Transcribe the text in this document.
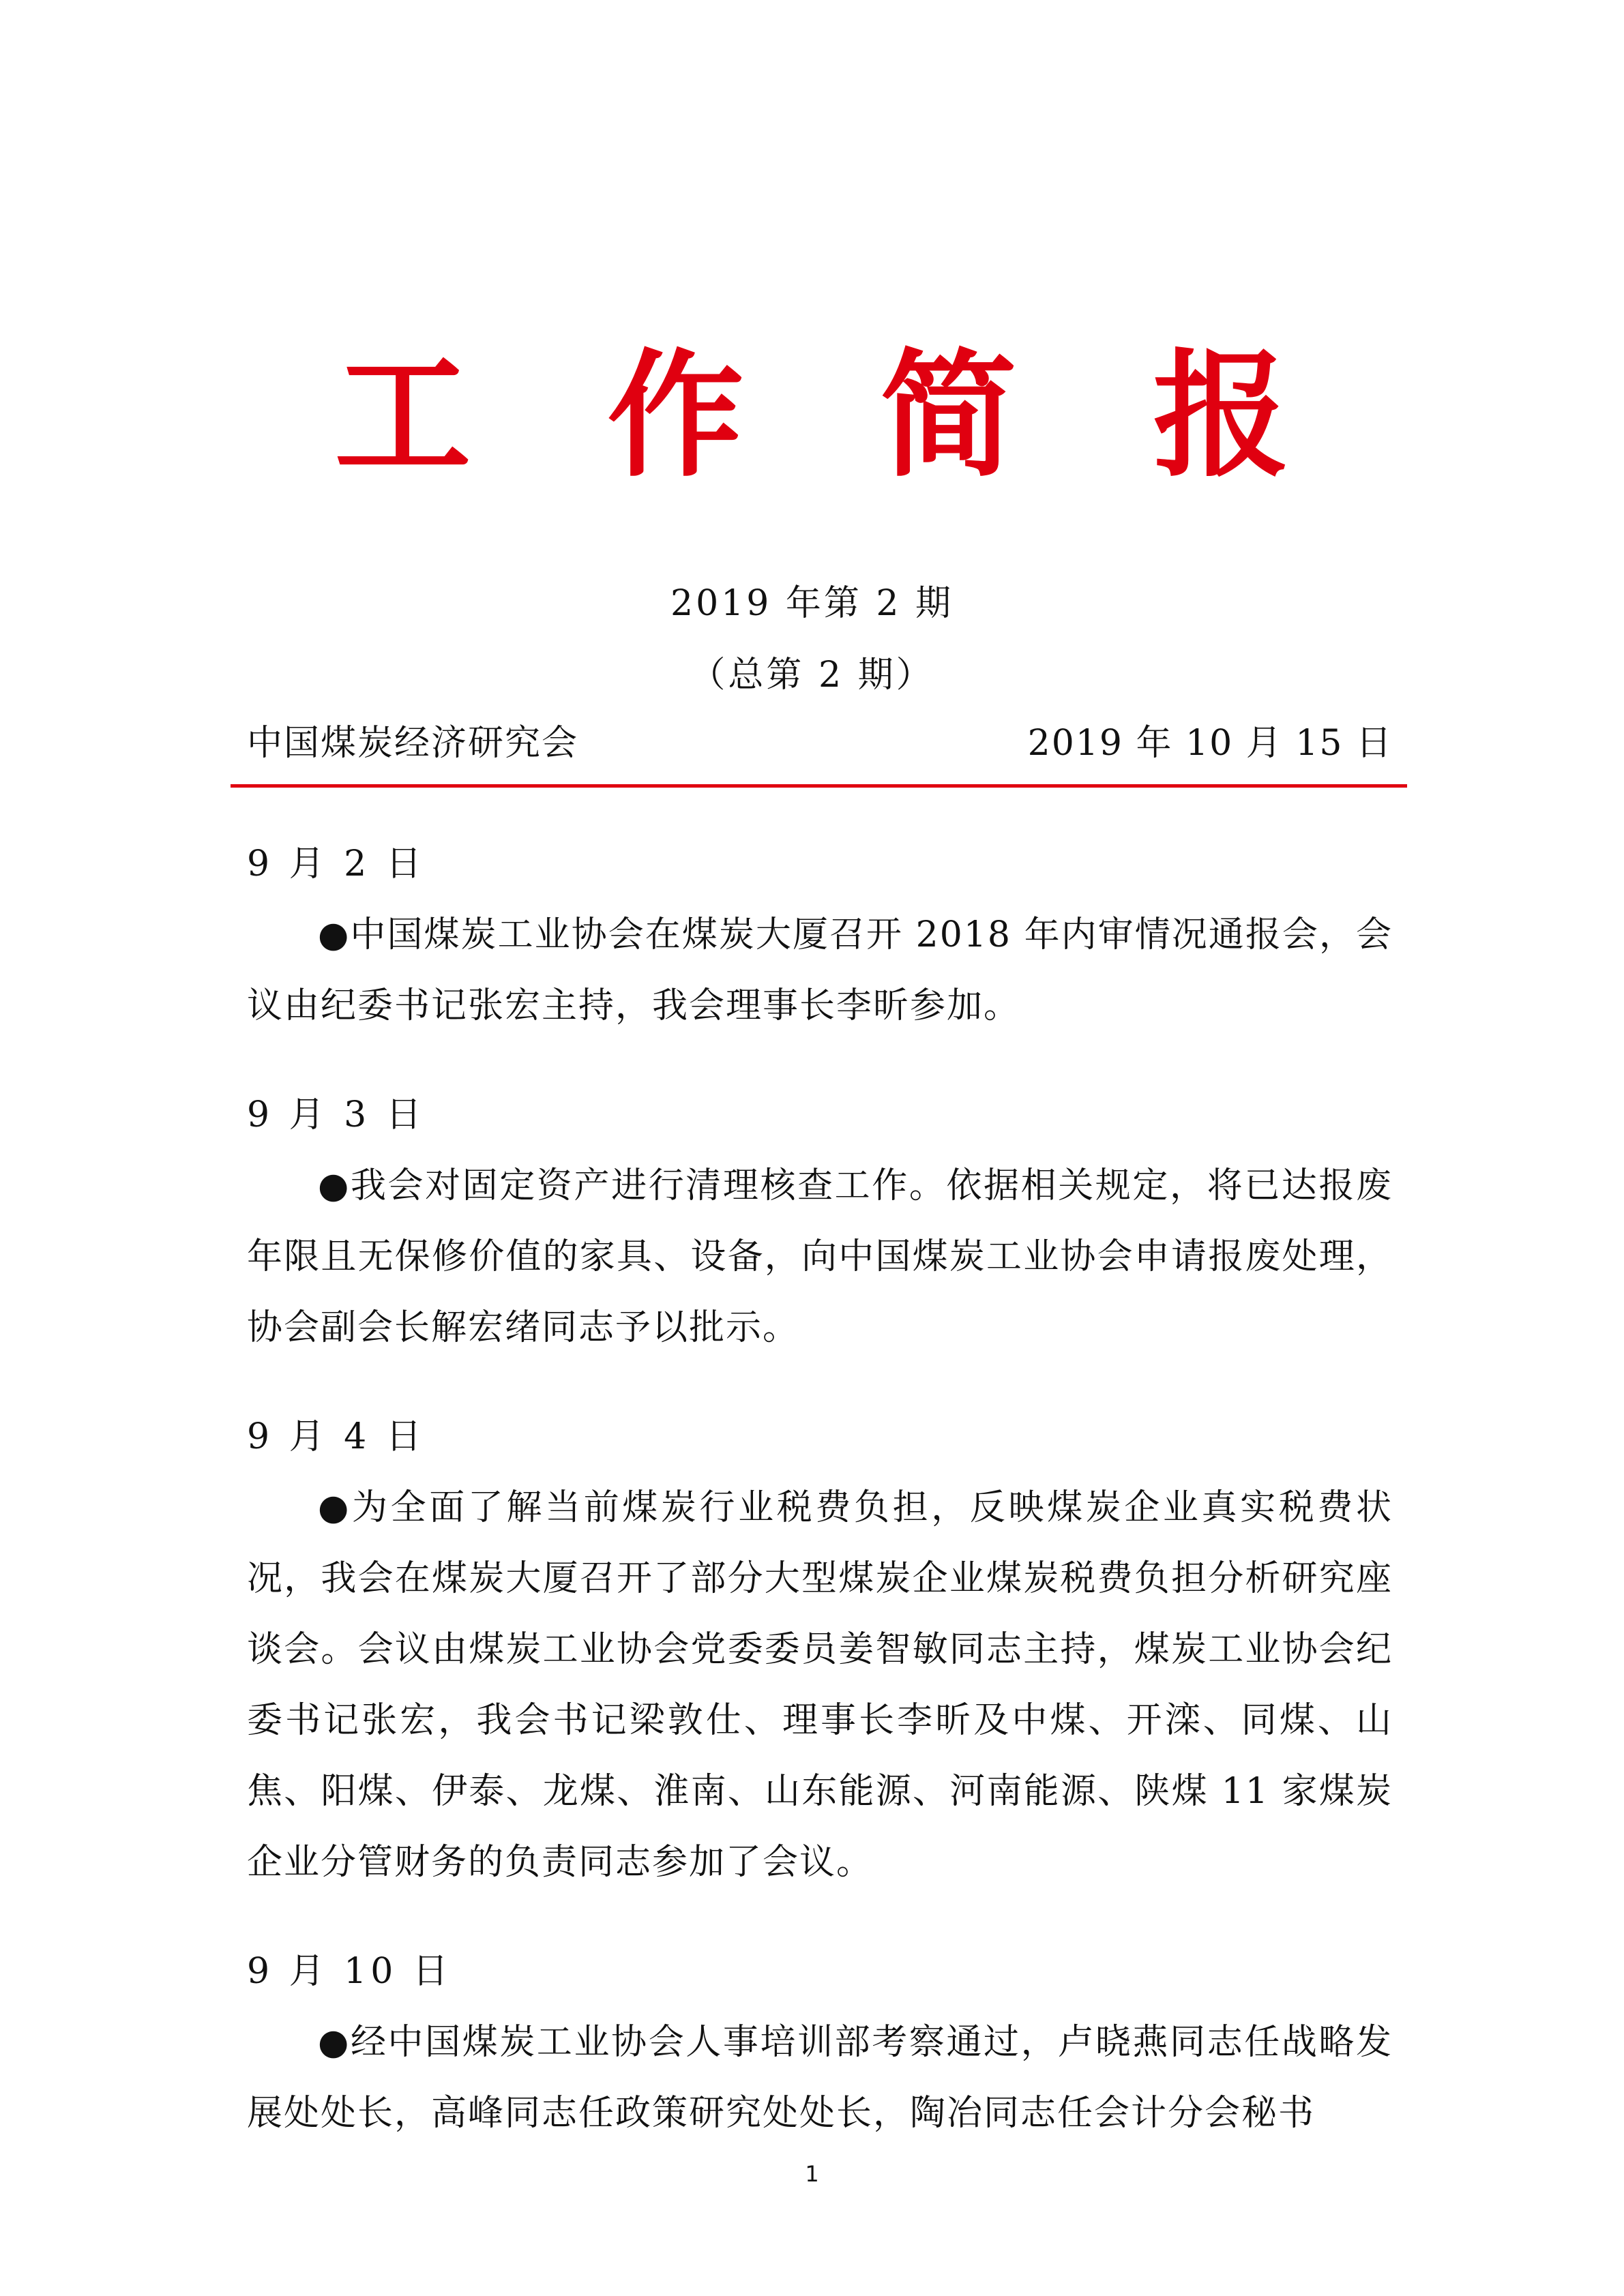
工作简报
2019 年第 2 期
（总第 2 期）
中国煤炭经济研究会	2019 年 10 月 15 日
9 月 2 日
●中国煤炭工业协会在煤炭大厦召开 2018 年内审情况通报会，会议由纪委书记张宏主持，我会理事长李昕参加。
9 月 3 日
●我会对固定资产进行清理核查工作。依据相关规定，将已达报废年限且无保修价值的家具、设备，向中国煤炭工业协会申请报废处理，协会副会长解宏绪同志予以批示。
9 月 4 日
●为全面了解当前煤炭行业税费负担，反映煤炭企业真实税费状况，我会在煤炭大厦召开了部分大型煤炭企业煤炭税费负担分析研究座谈会。会议由煤炭工业协会党委委员姜智敏同志主持，煤炭工业协会纪委书记张宏，我会书记梁敦仕、理事长李昕及中煤、开滦、同煤、山焦、阳煤、伊泰、龙煤、淮南、山东能源、河南能源、陕煤 11 家煤炭企业分管财务的负责同志参加了会议。
9 月 10 日
●经中国煤炭工业协会人事培训部考察通过，卢晓燕同志任战略发展处处长，高峰同志任政策研究处处长，陶冶同志任会计分会秘书
1
